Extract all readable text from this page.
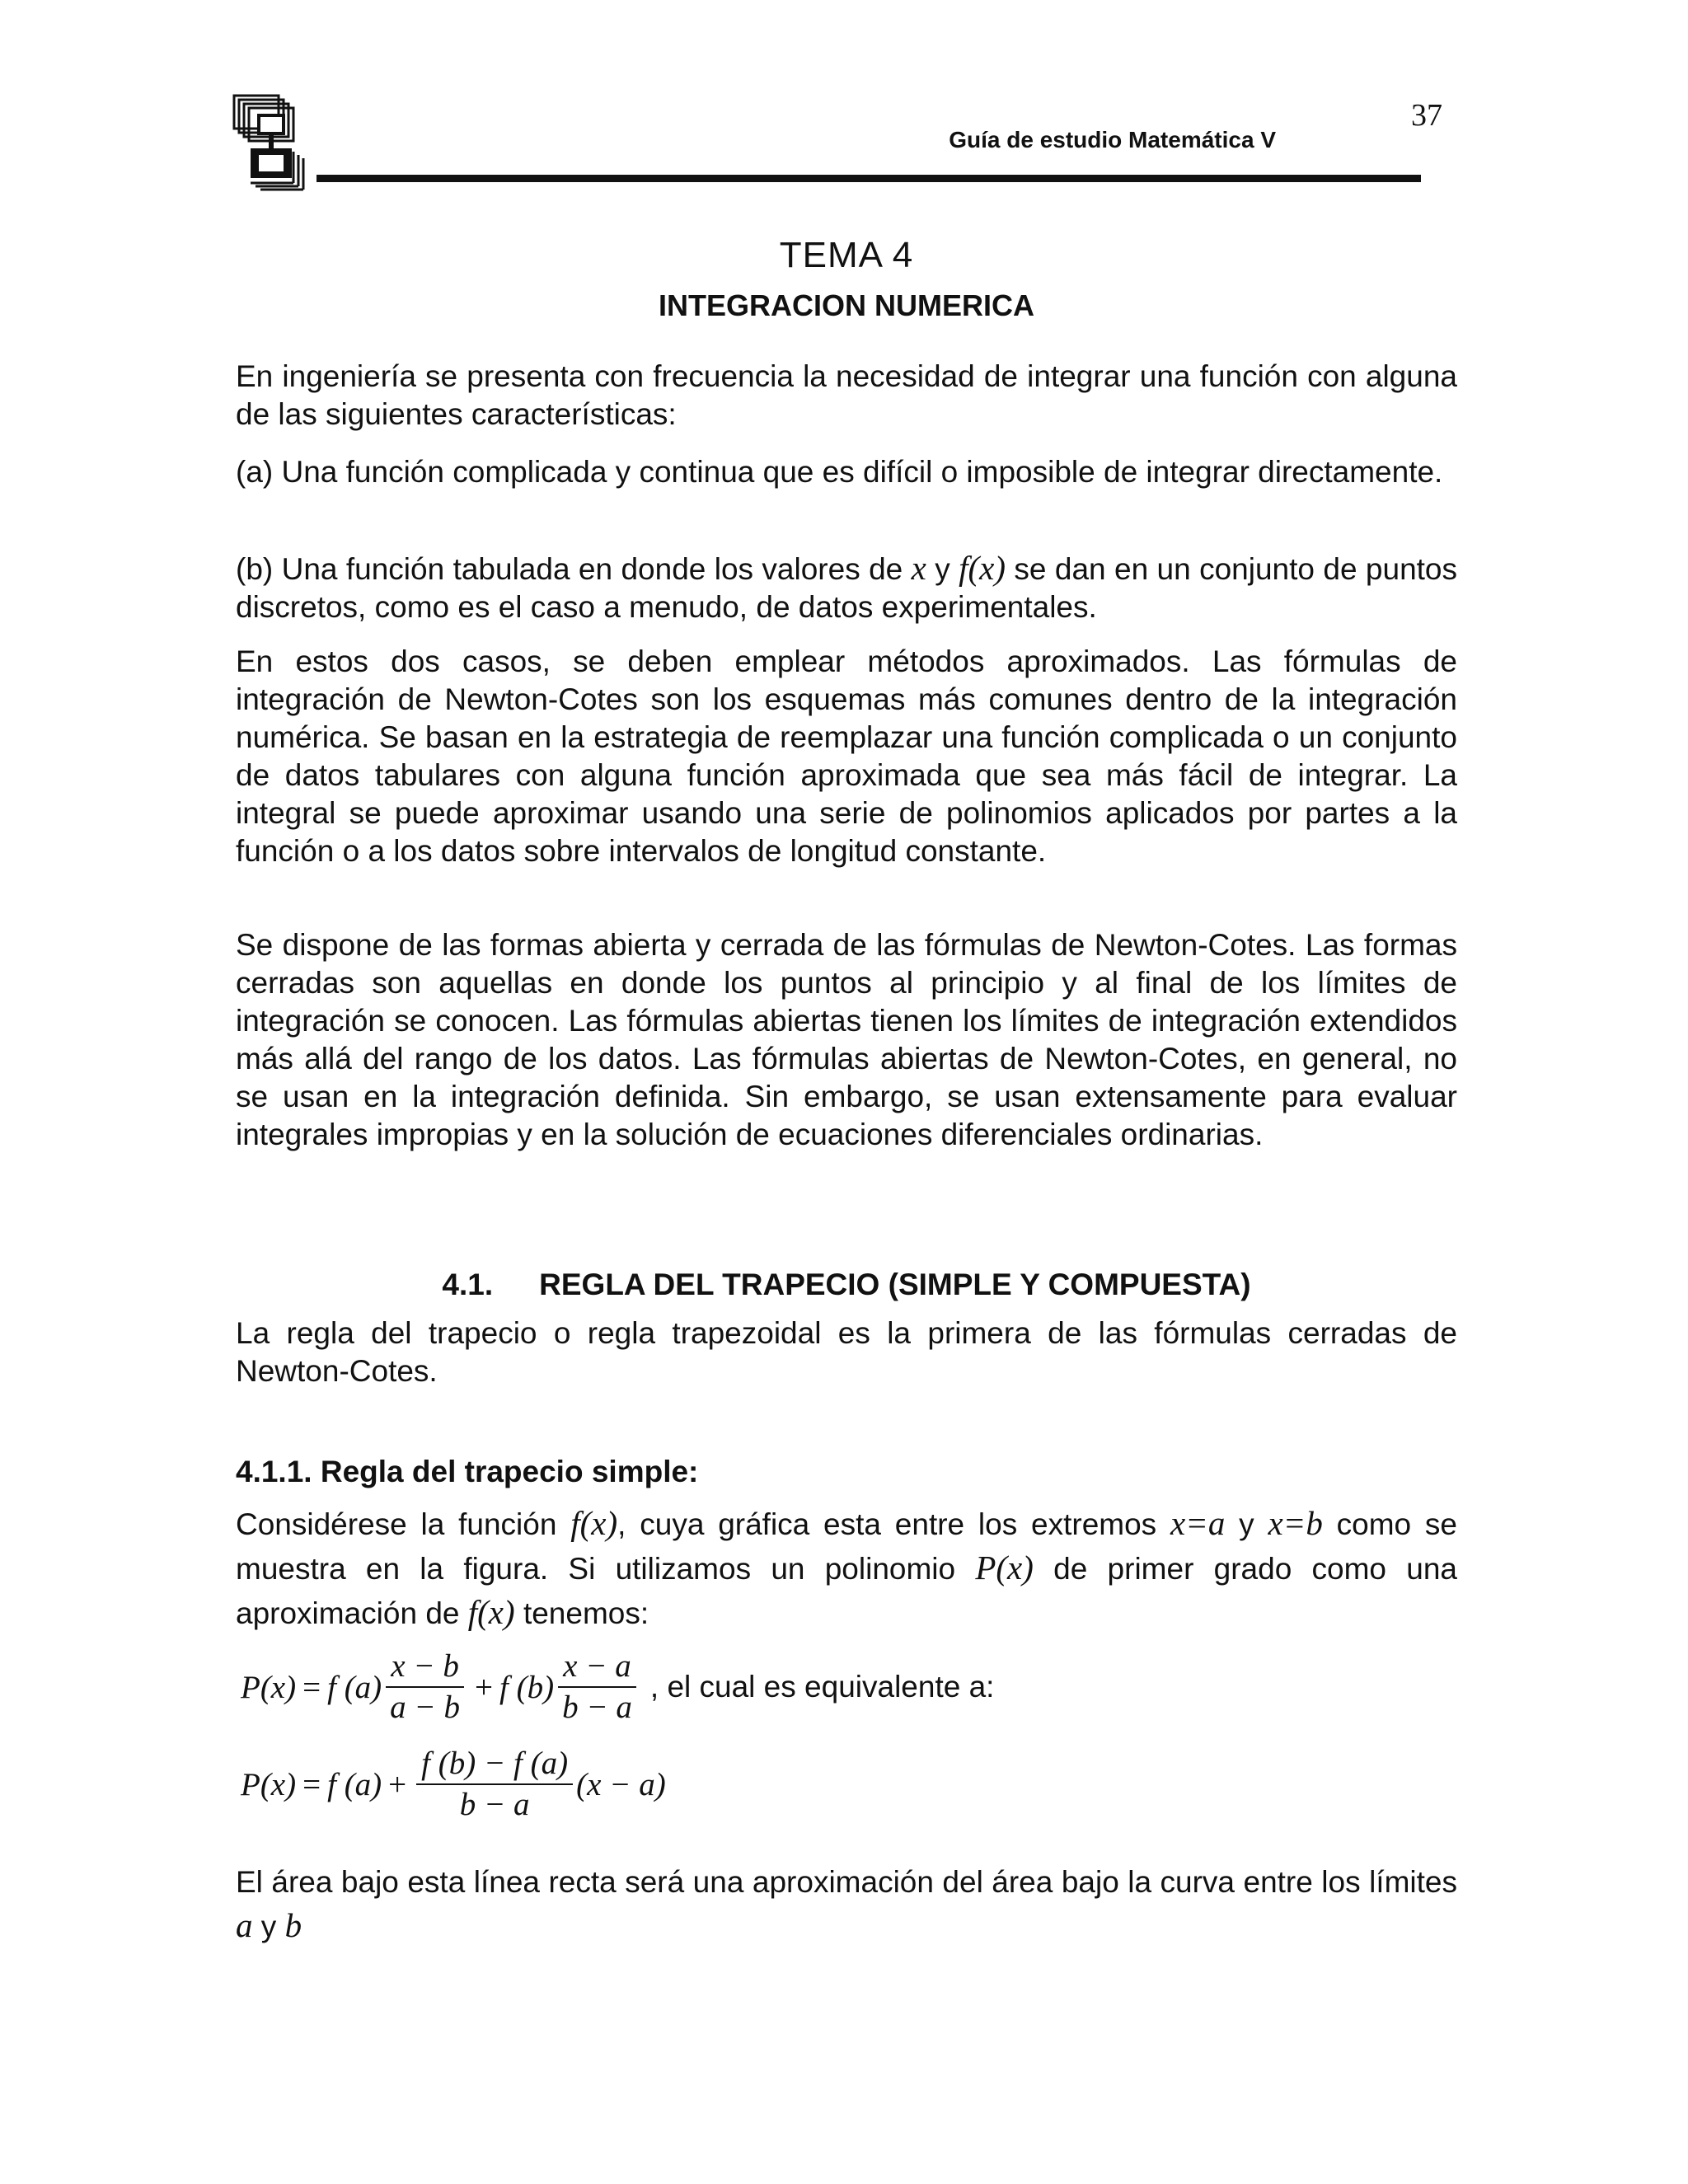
37
Guía de estudio Matemática V
TEMA 4
INTEGRACION NUMERICA

En ingeniería se presenta con frecuencia la necesidad de integrar una función con alguna de las siguientes características:

(a) Una función complicada y continua que es difícil o imposible de integrar directamente.

(b) Una función tabulada en donde los valores de x y f(x) se dan en un conjunto de puntos discretos, como es el caso a menudo, de datos experimentales.

En estos dos casos, se deben emplear métodos aproximados. Las fórmulas de integración de Newton-Cotes son los esquemas más comunes dentro de la integración numérica. Se basan en la estrategia de reemplazar una función complicada o un conjunto de datos tabulares con alguna función aproximada que sea más fácil de integrar. La integral se puede aproximar usando una serie de polinomios aplicados por partes a la función o a los datos sobre intervalos de longitud constante.

Se dispone de las formas abierta y cerrada de las fórmulas de Newton-Cotes. Las formas cerradas son aquellas en donde los puntos al principio y al final de los límites de integración se conocen. Las fórmulas abiertas tienen los límites de integración extendidos más allá del rango de los datos. Las fórmulas abiertas de Newton-Cotes, en general, no se usan en la integración definida. Sin embargo, se usan extensamente para evaluar integrales impropias y en la solución de ecuaciones diferenciales ordinarias.

4.1. REGLA DEL TRAPECIO (SIMPLE Y COMPUESTA)

La regla del trapecio o regla trapezoidal es la primera de las fórmulas cerradas de Newton-Cotes.

4.1.1. Regla del trapecio simple:

Considérese la función f(x), cuya gráfica esta entre los extremos x=a y x=b como se muestra en la figura. Si utilizamos un polinomio P(x) de primer grado como una aproximación de f(x) tenemos:

P(x) = f $(a) \frac{x - b}{a - b} + f$ $(b) \frac{x - a}{b - a}$ , el cual es equivalente a:
P(x) = f $(a) + \frac{f (b) - f (a)}{b - a} (x - a)$

El área bajo esta línea recta será una aproximación del área bajo la curva entre los límites a y b
